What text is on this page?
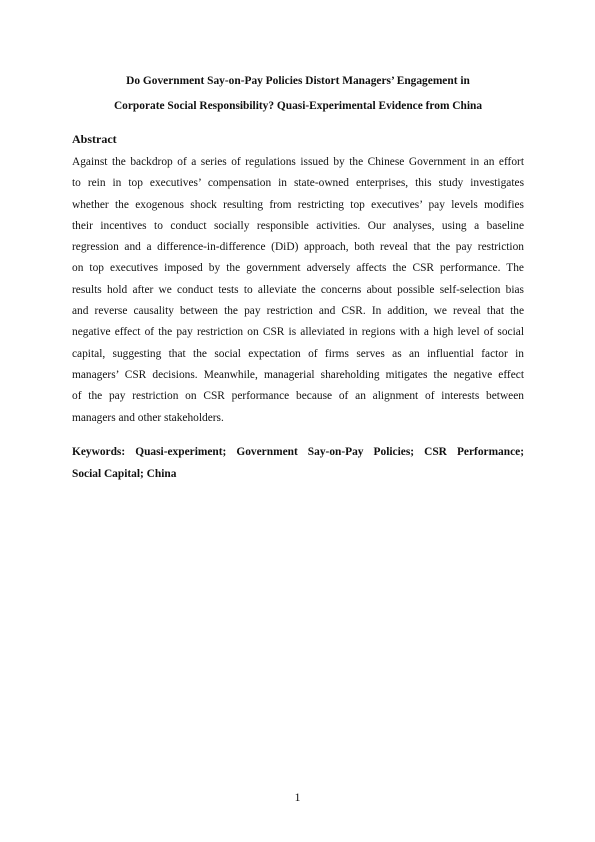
Do Government Say-on-Pay Policies Distort Managers’ Engagement in
Corporate Social Responsibility? Quasi-Experimental Evidence from China
Abstract
Against the backdrop of a series of regulations issued by the Chinese Government in an effort
to rein in top executives’ compensation in state-owned enterprises, this study investigates
whether the exogenous shock resulting from restricting top executives’ pay levels modifies
their incentives to conduct socially responsible activities. Our analyses, using a baseline
regression and a difference-in-difference (DiD) approach, both reveal that the pay restriction
on top executives imposed by the government adversely affects the CSR performance. The
results hold after we conduct tests to alleviate the concerns about possible self-selection bias
and reverse causality between the pay restriction and CSR. In addition, we reveal that the
negative effect of the pay restriction on CSR is alleviated in regions with a high level of social
capital, suggesting that the social expectation of firms serves as an influential factor in
managers’ CSR decisions. Meanwhile, managerial shareholding mitigates the negative effect
of the pay restriction on CSR performance because of an alignment of interests between
managers and other stakeholders.
Keywords: Quasi-experiment; Government Say-on-Pay Policies; CSR Performance;
Social Capital; China
1
